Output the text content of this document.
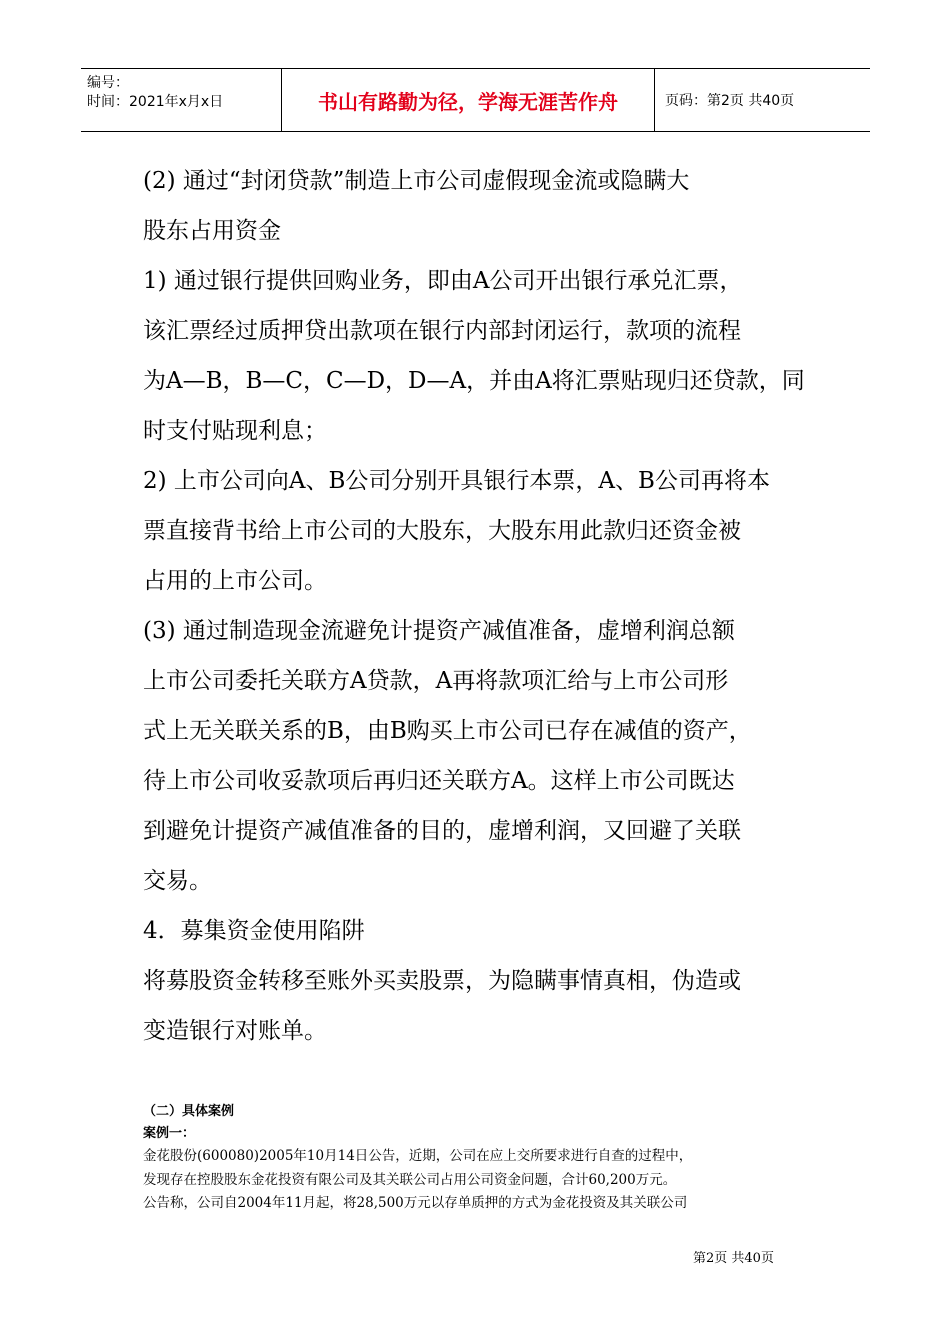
编号：
时间：2021年x月x日	书山有路勤为径，学海无涯苦作舟	页码：第2页 共40页

(2) 通过“封闭贷款”制造上市公司虚假现金流或隐瞒大

股东占用资金

1) 通过银行提供回购业务，即由A公司开出银行承兑汇票，

该汇票经过质押贷出款项在银行内部封闭运行，款项的流程

为A—B，B—C，C—D，D—A，并由A将汇票贴现归还贷款，同

时支付贴现利息；

2) 上市公司向A、B公司分别开具银行本票，A、B公司再将本

票直接背书给上市公司的大股东，大股东用此款归还资金被

占用的上市公司。

(3) 通过制造现金流避免计提资产减值准备，虚增利润总额

上市公司委托关联方A贷款，A再将款项汇给与上市公司形

式上无关联关系的B，由B购买上市公司已存在减值的资产，

待上市公司收妥款项后再归还关联方A。这样上市公司既达

到避免计提资产减值准备的目的，虚增利润，又回避了关联

交易。

4．募集资金使用陷阱

将募股资金转移至账外买卖股票，为隐瞒事情真相，伪造或

变造银行对账单。

（二）具体案例

案例一：

金花股份(600080)2005年10月14日公告，近期，公司在应上交所要求进行自查的过程中，

发现存在控股股东金花投资有限公司及其关联公司占用公司资金问题，合计60,200万元。

公告称，公司自2004年11月起，将28,500万元以存单质押的方式为金花投资及其关联公司

第2页 共40页
